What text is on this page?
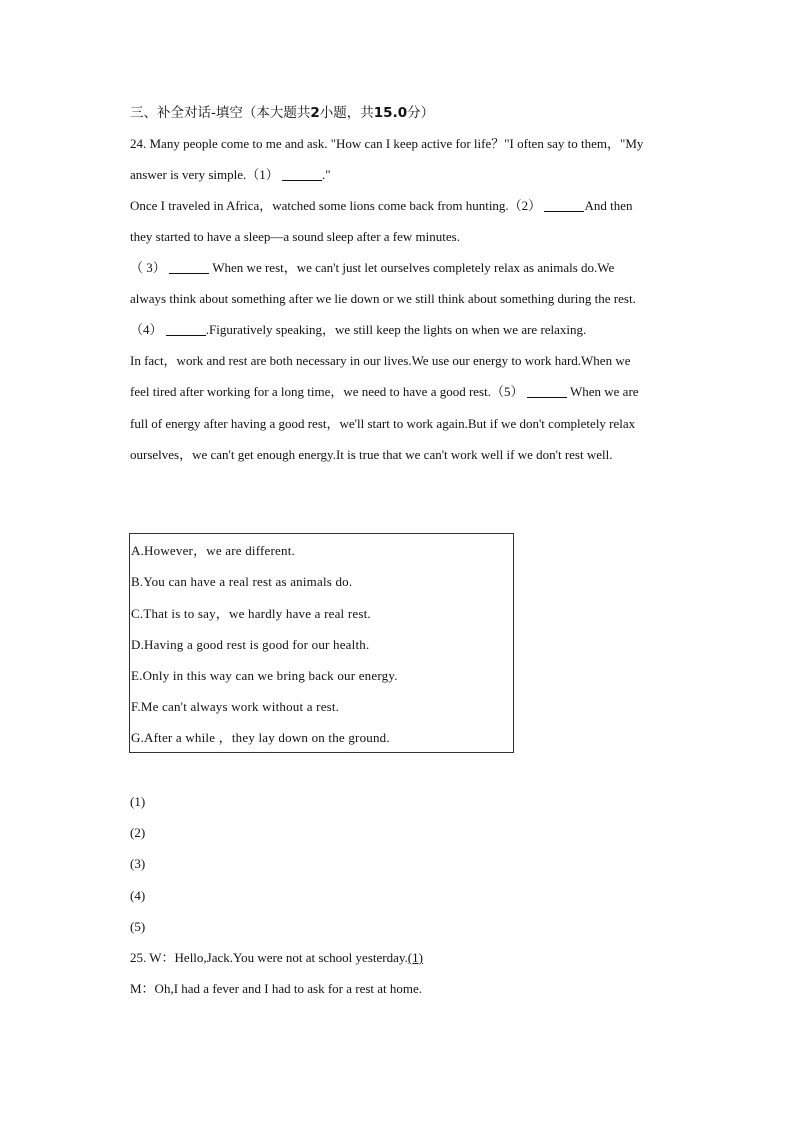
三、补全对话-填空（本大题共2小题，共15.0分）
24. Many people come to me and ask. "How can I keep active for life？"I often say to them，"My
answer is very simple.（1）	."
Once I traveled in Africa，watched some lions come back from hunting.（2）	And then
they started to have a sleep—a sound sleep after a few minutes.
（ 3）	When we rest，we can't just let ourselves completely relax as animals do.We
always think about something after we lie down or we still think about something during the rest.
（4）	.Figuratively speaking，we still keep the lights on when we are relaxing.
In fact，work and rest are both necessary in our lives.We use our energy to work hard.When we
feel tired after working for a long time，we need to have a good rest.（5）	When we are
full of energy after having a good rest，we'll start to work again.But if we don't completely relax
ourselves，we can't get enough energy.It is true that we can't work well if we don't rest well.
A.However，we are different.
B.You can have a real rest as animals do.
C.That is to say，we hardly have a real rest.
D.Having a good rest is good for our health.
E.Only in this way can we bring back our energy.
F.Me can't always work without a rest.
G.After a while ，they lay down on the ground.
(1)
(2)
(3)
(4)
(5)
25. W：Hello,Jack.You were not at school yesterday.(1)
M：Oh,I had a fever and I had to ask for a rest at home.
